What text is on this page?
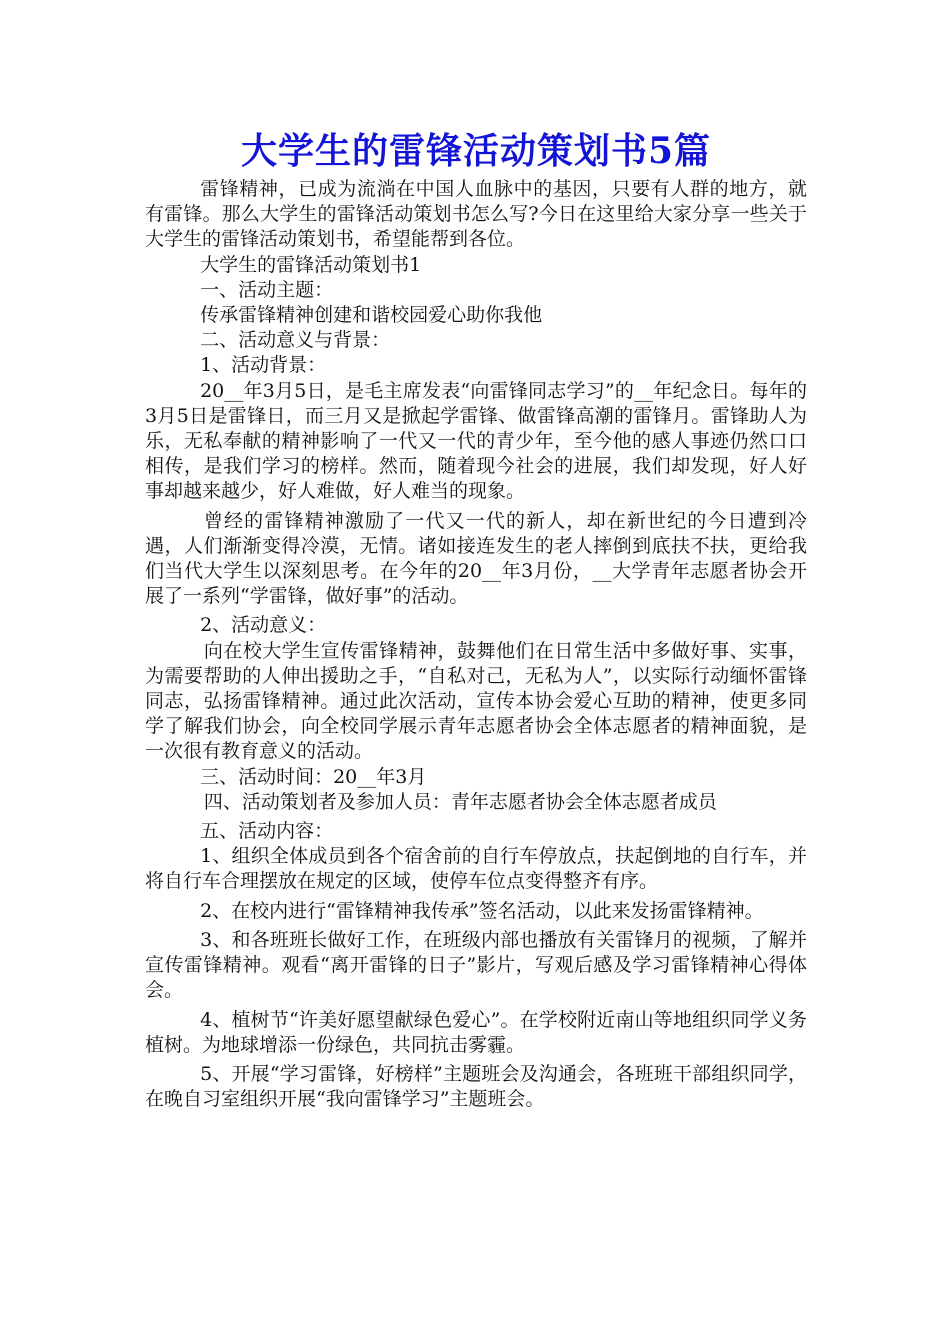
大学生的雷锋活动策划书5篇

雷锋精神，已成为流淌在中国人血脉中的基因，只要有人群的地方，就有雷锋。那么大学生的雷锋活动策划书怎么写?今日在这里给大家分享一些关于大学生的雷锋活动策划书，希望能帮到各位。

大学生的雷锋活动策划书1

一、活动主题：

传承雷锋精神创建和谐校园爱心助你我他

二、活动意义与背景：

1、活动背景：

20__年3月5日，是毛主席发表“向雷锋同志学习”的__年纪念日。每年的3月5日是雷锋日，而三月又是掀起学雷锋、做雷锋高潮的雷锋月。雷锋助人为乐，无私奉献的精神影响了一代又一代的青少年，至今他的感人事迹仍然口口相传，是我们学习的榜样。然而，随着现今社会的进展，我们却发现，好人好事却越来越少，好人难做，好人难当的现象。

曾经的雷锋精神激励了一代又一代的新人，却在新世纪的今日遭到冷遇，人们渐渐变得冷漠，无情。诸如接连发生的老人摔倒到底扶不扶，更给我们当代大学生以深刻思考。在今年的20__年3月份，__大学青年志愿者协会开展了一系列“学雷锋，做好事”的活动。

2、活动意义：

向在校大学生宣传雷锋精神，鼓舞他们在日常生活中多做好事、实事，为需要帮助的人伸出援助之手，“自私对己，无私为人”，以实际行动缅怀雷锋同志，弘扬雷锋精神。通过此次活动，宣传本协会爱心互助的精神，使更多同学了解我们协会，向全校同学展示青年志愿者协会全体志愿者的精神面貌，是一次很有教育意义的活动。

三、活动时间：20__年3月

四、活动策划者及参加人员：青年志愿者协会全体志愿者成员

五、活动内容：

1、组织全体成员到各个宿舍前的自行车停放点，扶起倒地的自行车，并将自行车合理摆放在规定的区域，使停车位点变得整齐有序。

2、在校内进行“雷锋精神我传承”签名活动，以此来发扬雷锋精神。

3、和各班班长做好工作，在班级内部也播放有关雷锋月的视频，了解并宣传雷锋精神。观看“离开雷锋的日子”影片，写观后感及学习雷锋精神心得体会。

4、植树节“许美好愿望献绿色爱心”。在学校附近南山等地组织同学义务植树。为地球增添一份绿色，共同抗击雾霾。

5、开展“学习雷锋，好榜样”主题班会及沟通会，各班班干部组织同学，在晚自习室组织开展“我向雷锋学习”主题班会。
